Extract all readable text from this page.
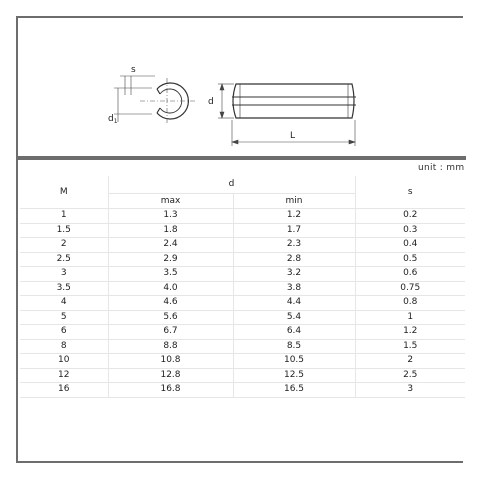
s
$d_1$
d
L
unit : mm
M	d		s
	max	min	
1	1.3	1.2	0.2
1.5	1.8	1.7	0.3
2	2.4	2.3	0.4
2.5	2.9	2.8	0.5
3	3.5	3.2	0.6
3.5	4.0	3.8	0.75
4	4.6	4.4	0.8
5	5.6	5.4	1
6	6.7	6.4	1.2
8	8.8	8.5	1.5
10	10.8	10.5	2
12	12.8	12.5	2.5
16	16.8	16.5	3
